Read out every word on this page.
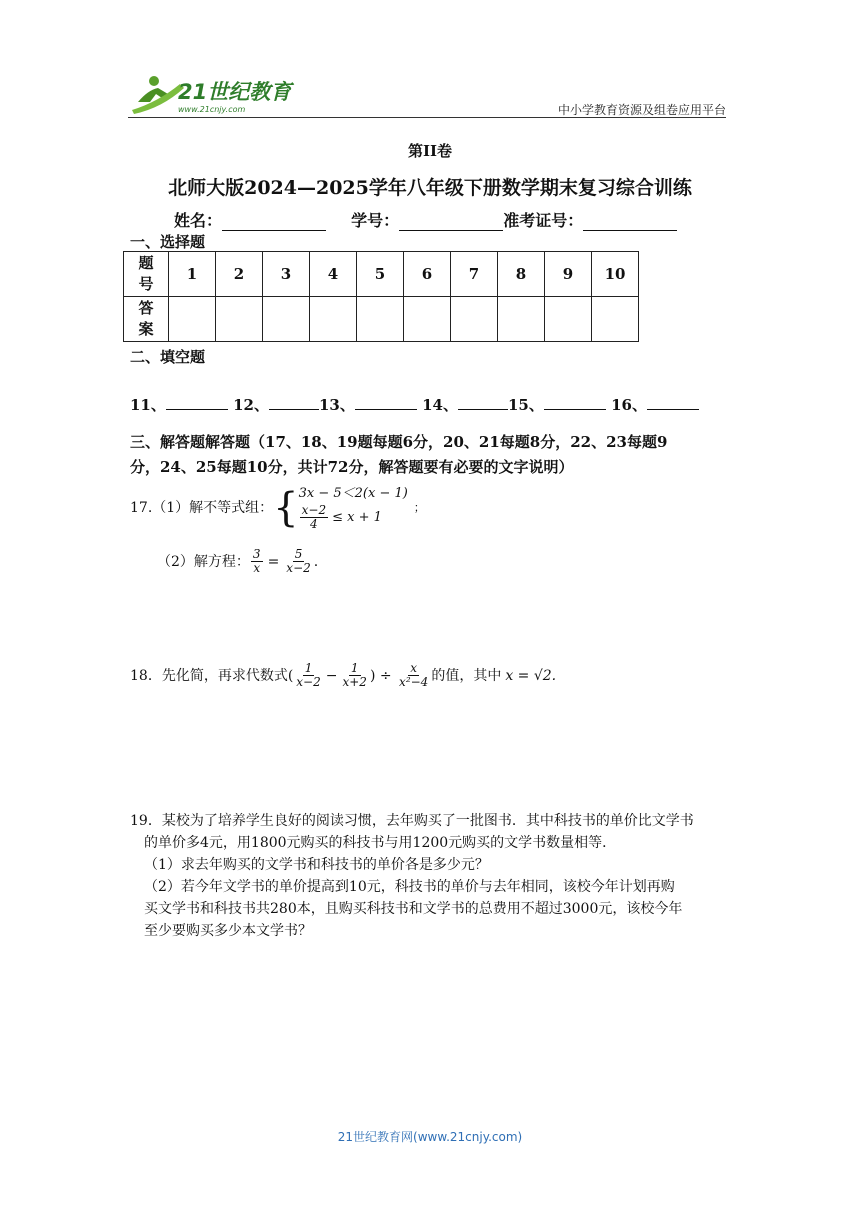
21世纪教育
www.21cnjy.com	中小学教育资源及组卷应用平台
第II卷
北师大版2024—2025学年八年级下册数学期末复习综合训练
姓名：	学号：	准考证号：
一、选择题
题号	1	2	3	4	5	6	7	8	9	10
答案										
二、填空题
11、	12、	13、	14、	15、	16、
三、解答题解答题（17、18、19题每题6分，20、21每题8分，22、23每题9
分，24、25每题10分，共计72分，解答题要有必要的文字说明）
17.（1）解不等式组： { 3x − 5＜2(x − 1)
$\frac{x-2}{4} \le x + 1$
；
（2）解方程： $\frac{3}{x} = \frac{5}{x-2}$ .
18．先化简，再求代数式( $\frac{1}{x-2} - \frac{1}{x+2}$ ) ÷ $\frac{x}{\text{x²−4}}$ 的值，其中 x = √2.
19．某校为了培养学生良好的阅读习惯，去年购买了一批图书．其中科技书的单价比文学书
的单价多4元，用1800元购买的科技书与用1200元购买的文学书数量相等．
（1）求去年购买的文学书和科技书的单价各是多少元？
（2）若今年文学书的单价提高到10元，科技书的单价与去年相同，该校今年计划再购
买文学书和科技书共280本，且购买科技书和文学书的总费用不超过3000元，该校今年
至少要购买多少本文学书？
21世纪教育网(www.21cnjy.com)
